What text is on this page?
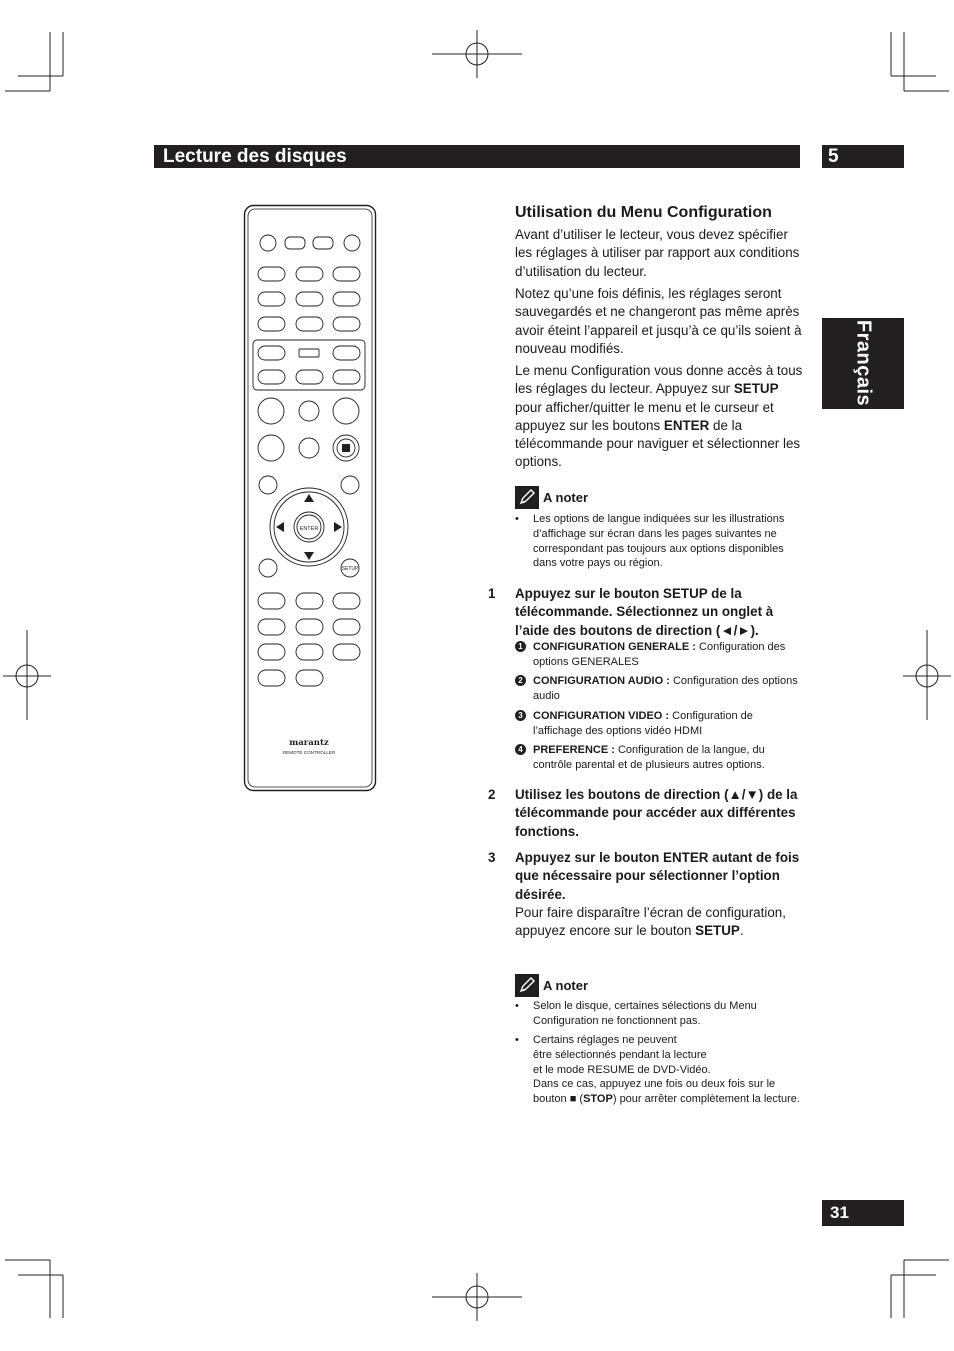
Lecture des disques	5
Français
31
ENTER
SETUP
marantz
REMOTE CONTROLLER
Utilisation du Menu Configuration
Avant d’utiliser le lecteur, vous devez spécifier les réglages à utiliser par rapport aux conditions d’utilisation du lecteur.
Notez qu’une fois définis, les réglages seront sauvegardés et ne changeront pas même après avoir éteint l’appareil et jusqu’à ce qu’ils soient à nouveau modifiés.
Le menu Configuration vous donne accès à tous les réglages du lecteur. Appuyez sur SETUP pour afficher/quitter le menu et le curseur et appuyez sur les boutons ENTER de la télécommande pour naviguer et sélectionner les options.
A noter
• Les options de langue indiquées sur les illustrations d’affichage sur écran dans les pages suivantes ne correspondant pas toujours aux options disponibles dans votre pays ou région.
1 Appuyez sur le bouton SETUP de la télécommande. Sélectionnez un onglet à l’aide des boutons de direction (◄/►).
1 CONFIGURATION GENERALE : Configuration des options GENERALES
2 CONFIGURATION AUDIO : Configuration des options audio
3 CONFIGURATION VIDEO : Configuration de l’affichage des options vidéo HDMI
4 PREFERENCE : Configuration de la langue, du contrôle parental et de plusieurs autres options.
2 Utilisez les boutons de direction (▲/▼) de la télécommande pour accéder aux différentes fonctions.
3 Appuyez sur le bouton ENTER autant de fois que nécessaire pour sélectionner l’option désirée.
Pour faire disparaître l’écran de configuration, appuyez encore sur le bouton SETUP.
A noter
• Selon le disque, certaines sélections du Menu Configuration ne fonctionnent pas.
• Certains réglages ne peuvent
être sélectionnés pendant la lecture
et le mode RESUME de DVD-Vidéo.
Dans ce cas, appuyez une fois ou deux fois sur le bouton ■ (STOP) pour arrêter complètement la lecture.
